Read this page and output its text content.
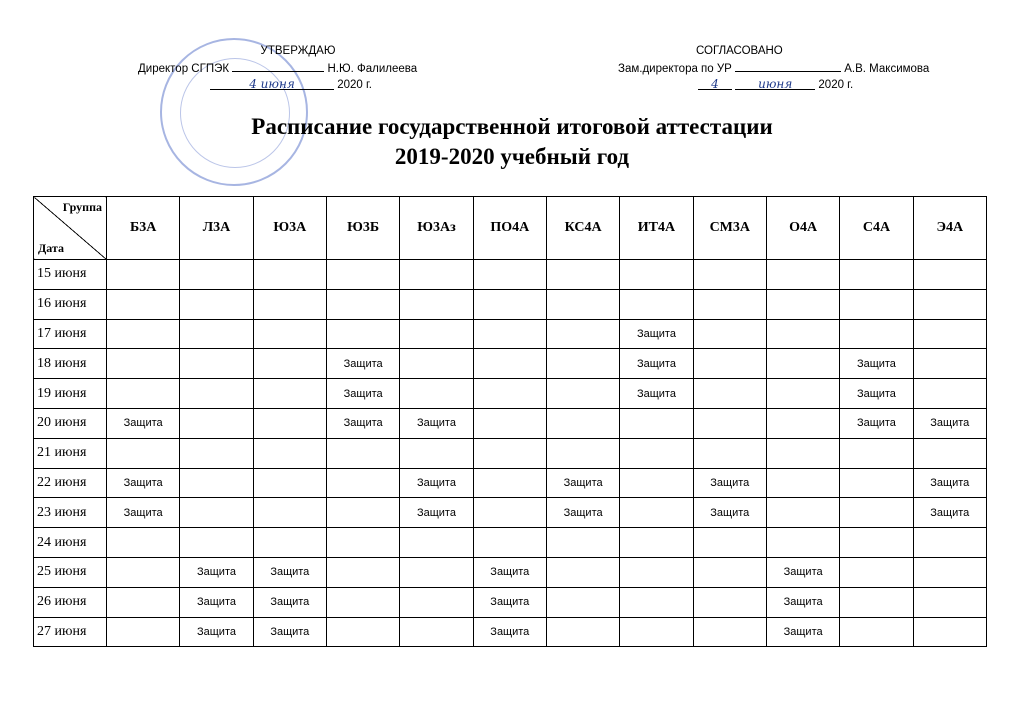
УТВЕРЖДАЮ
Директор СГПЭК	Н.Ю. Фалилеева
4 июня	2020 г.
СОГЛАСОВАНО
Зам.директора по УР	А.В. Максимова
4	июня 2020 г.
Расписание государственной итоговой аттестации
2019-2020 учебный год
Группа
Дата	Б3А	Л3А	Ю3А	Ю3Б	Ю3Аз	ПО4А	КС4А	ИТ4А	СМ3А	О4А	С4А	Э4А
15 июня												
16 июня												
17 июня								Защита				
18 июня				Защита				Защита			Защита	
19 июня				Защита				Защита			Защита	
20 июня	Защита			Защита	Защита						Защита	Защита
21 июня												
22 июня	Защита				Защита		Защита		Защита			Защита
23 июня	Защита				Защита		Защита		Защита			Защита
24 июня												
25 июня		Защита	Защита			Защита				Защита		
26 июня		Защита	Защита			Защита				Защита		
27 июня		Защита	Защита			Защита				Защита		
